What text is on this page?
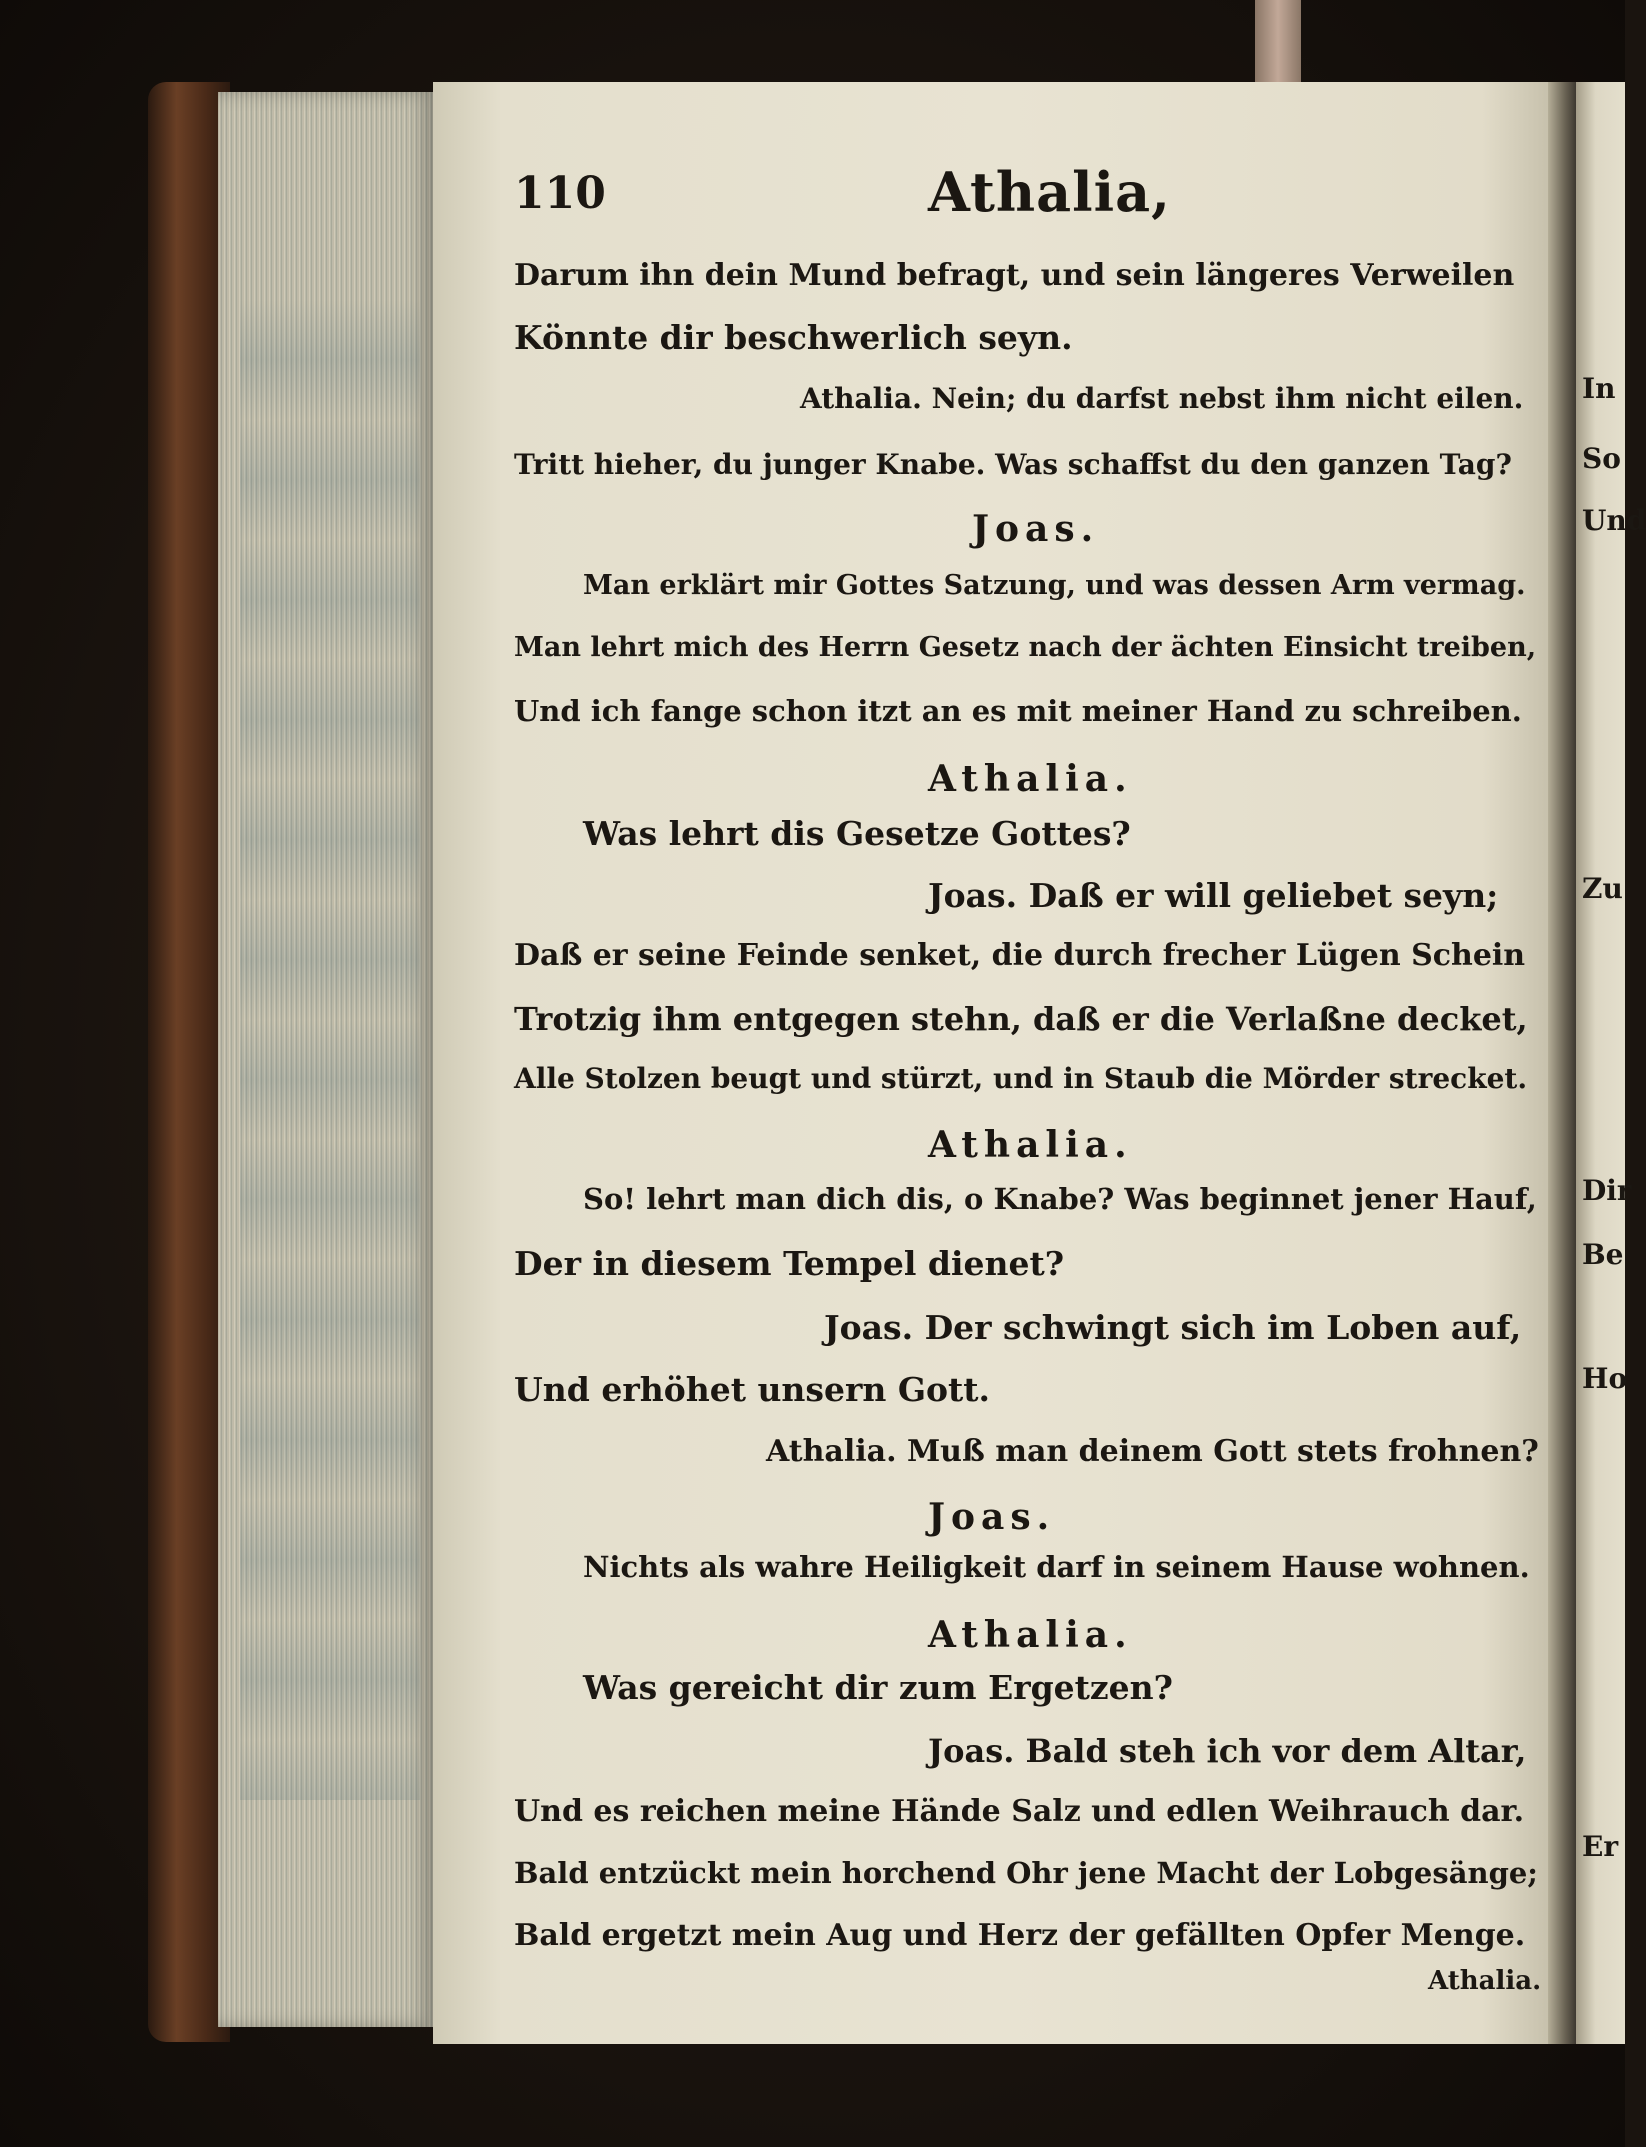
110	Athalia,
Darum ihn dein Mund befragt, und sein längeres Verweilen
Könnte dir beschwerlich seyn.
Athalia. Nein; du darfst nebst ihm nicht eilen.
Tritt hieher, du junger Knabe. Was schaffst du den ganzen Tag?
Joas.
Man erklärt mir Gottes Satzung, und was dessen Arm vermag.
Man lehrt mich des Herrn Gesetz nach der ächten Einsicht treiben,
Und ich fange schon itzt an es mit meiner Hand zu schreiben.
Athalia.
Was lehrt dis Gesetze Gottes?
Joas. Daß er will geliebet seyn;
Daß er seine Feinde senket, die durch frecher Lügen Schein
Trotzig ihm entgegen stehn, daß er die Verlaßne decket,
Alle Stolzen beugt und stürzt, und in Staub die Mörder strecket.
Athalia.
So! lehrt man dich dis, o Knabe? Was beginnet jener Hauf,
Der in diesem Tempel dienet?
Joas. Der schwingt sich im Loben auf,
Und erhöhet unsern Gott.
Athalia. Muß man deinem Gott stets frohnen?
Joas.
Nichts als wahre Heiligkeit darf in seinem Hause wohnen.
Athalia.
Was gereicht dir zum Ergetzen?
Joas. Bald steh ich vor dem Altar,
Und es reichen meine Hände Salz und edlen Weihrauch dar.
Bald entzückt mein horchend Ohr jene Macht der Lobgesänge;
Bald ergetzt mein Aug und Herz der gefällten Opfer Menge.
Athalia.
In
So
Und
Zu
Dir
Be
Ho
Er
